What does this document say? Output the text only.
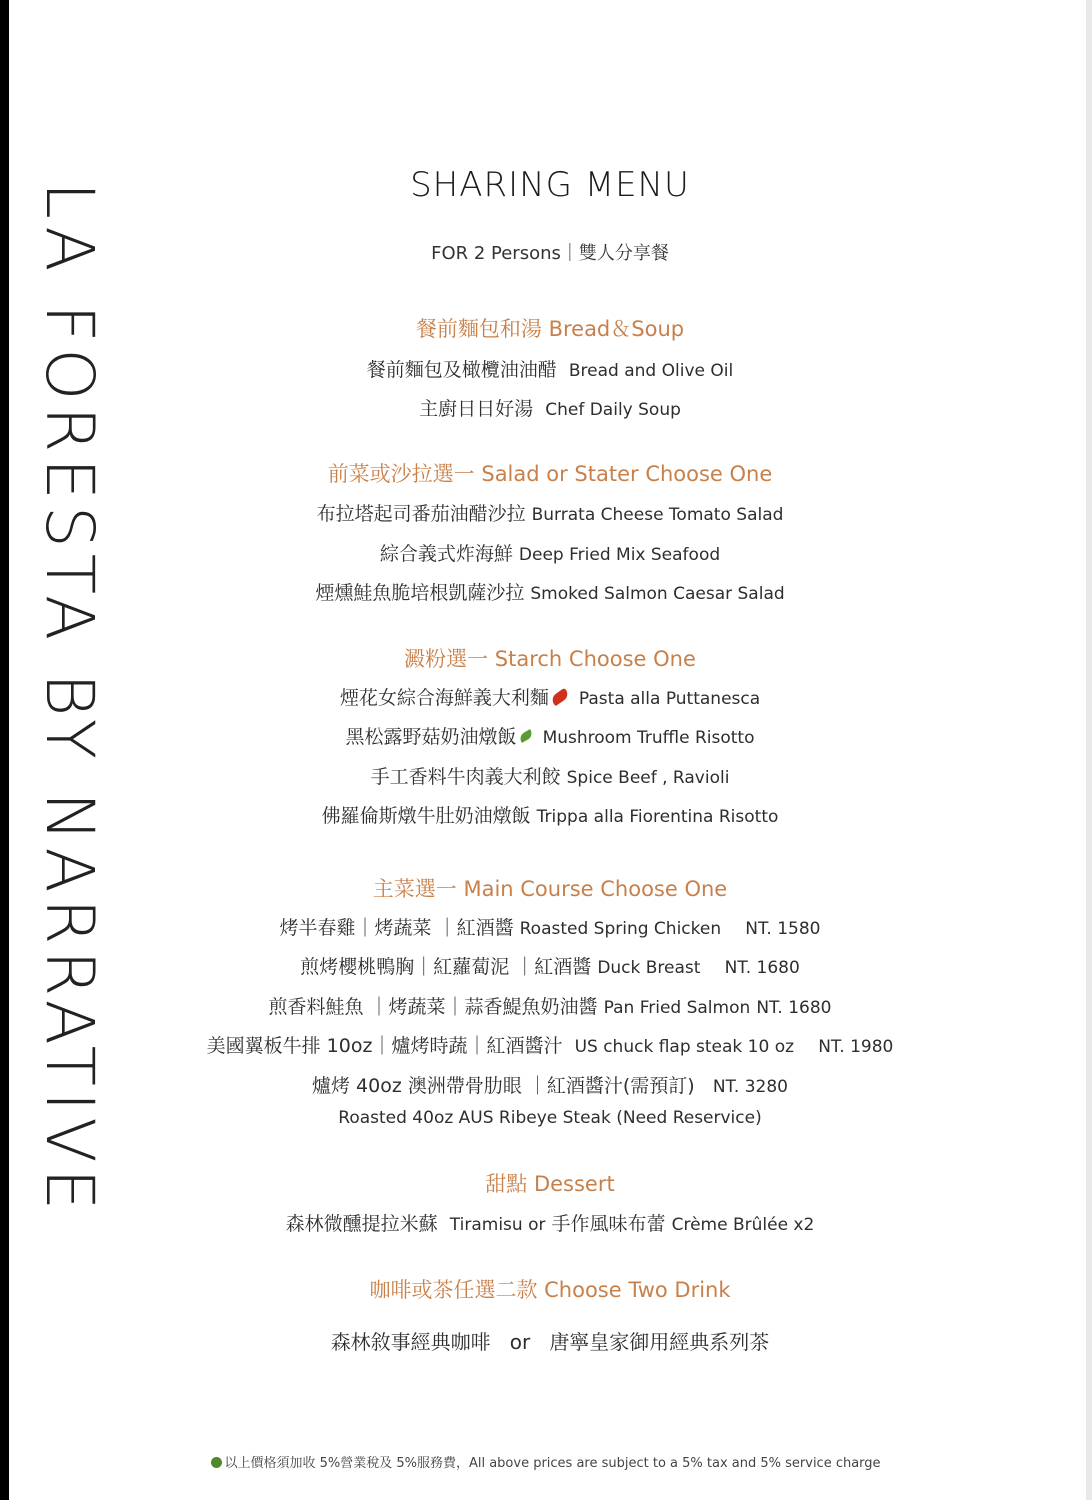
LA FORESTA BY NARRATIVE	SHARING MENU
FOR 2 Persons｜雙人分享餐
餐前麵包和湯 Bread＆Soup
餐前麵包及橄欖油油醋 Bread and Olive Oil
主廚日日好湯 Chef Daily Soup
前菜或沙拉選一 Salad or Stater Choose One
布拉塔起司番茄油醋沙拉 Burrata Cheese Tomato Salad
綜合義式炸海鮮 Deep Fried Mix Seafood
煙燻鮭魚脆培根凱薩沙拉 Smoked Salmon Caesar Salad
澱粉選一 Starch Choose One
煙花女綜合海鮮義大利麵 Pasta alla Puttanesca
黑松露野菇奶油燉飯 Mushroom Truffle Risotto
手工香料牛肉義大利餃 Spice Beef , Ravioli
佛羅倫斯燉牛肚奶油燉飯 Trippa alla Fiorentina Risotto
主菜選一 Main Course Choose One
烤半春雞｜烤蔬菜 ｜紅酒醬 Roasted Spring Chicken NT. 1580
煎烤櫻桃鴨胸｜紅蘿蔔泥 ｜紅酒醬 Duck Breast NT. 1680
煎香料鮭魚 ｜烤蔬菜｜蒜香鯷魚奶油醬 Pan Fried Salmon NT. 1680
美國翼板牛排 10oz｜爐烤時蔬｜紅酒醬汁 US chuck flap steak 10 oz NT. 1980
爐烤 40oz 澳洲帶骨肋眼 ｜紅酒醬汁(需預訂) NT. 3280
Roasted 40oz AUS Ribeye Steak (Need Reservice)
甜點 Dessert
森林微醺提拉米蘇 Tiramisu or 手作風味布蕾 Crème Brûlée x2
咖啡或茶任選二款 Choose Two Drink
森林敘事經典咖啡 or 唐寧皇家御用經典系列茶
以上價格須加收 5%營業稅及 5%服務費，All above prices are subject to a 5% tax and 5% service charge
